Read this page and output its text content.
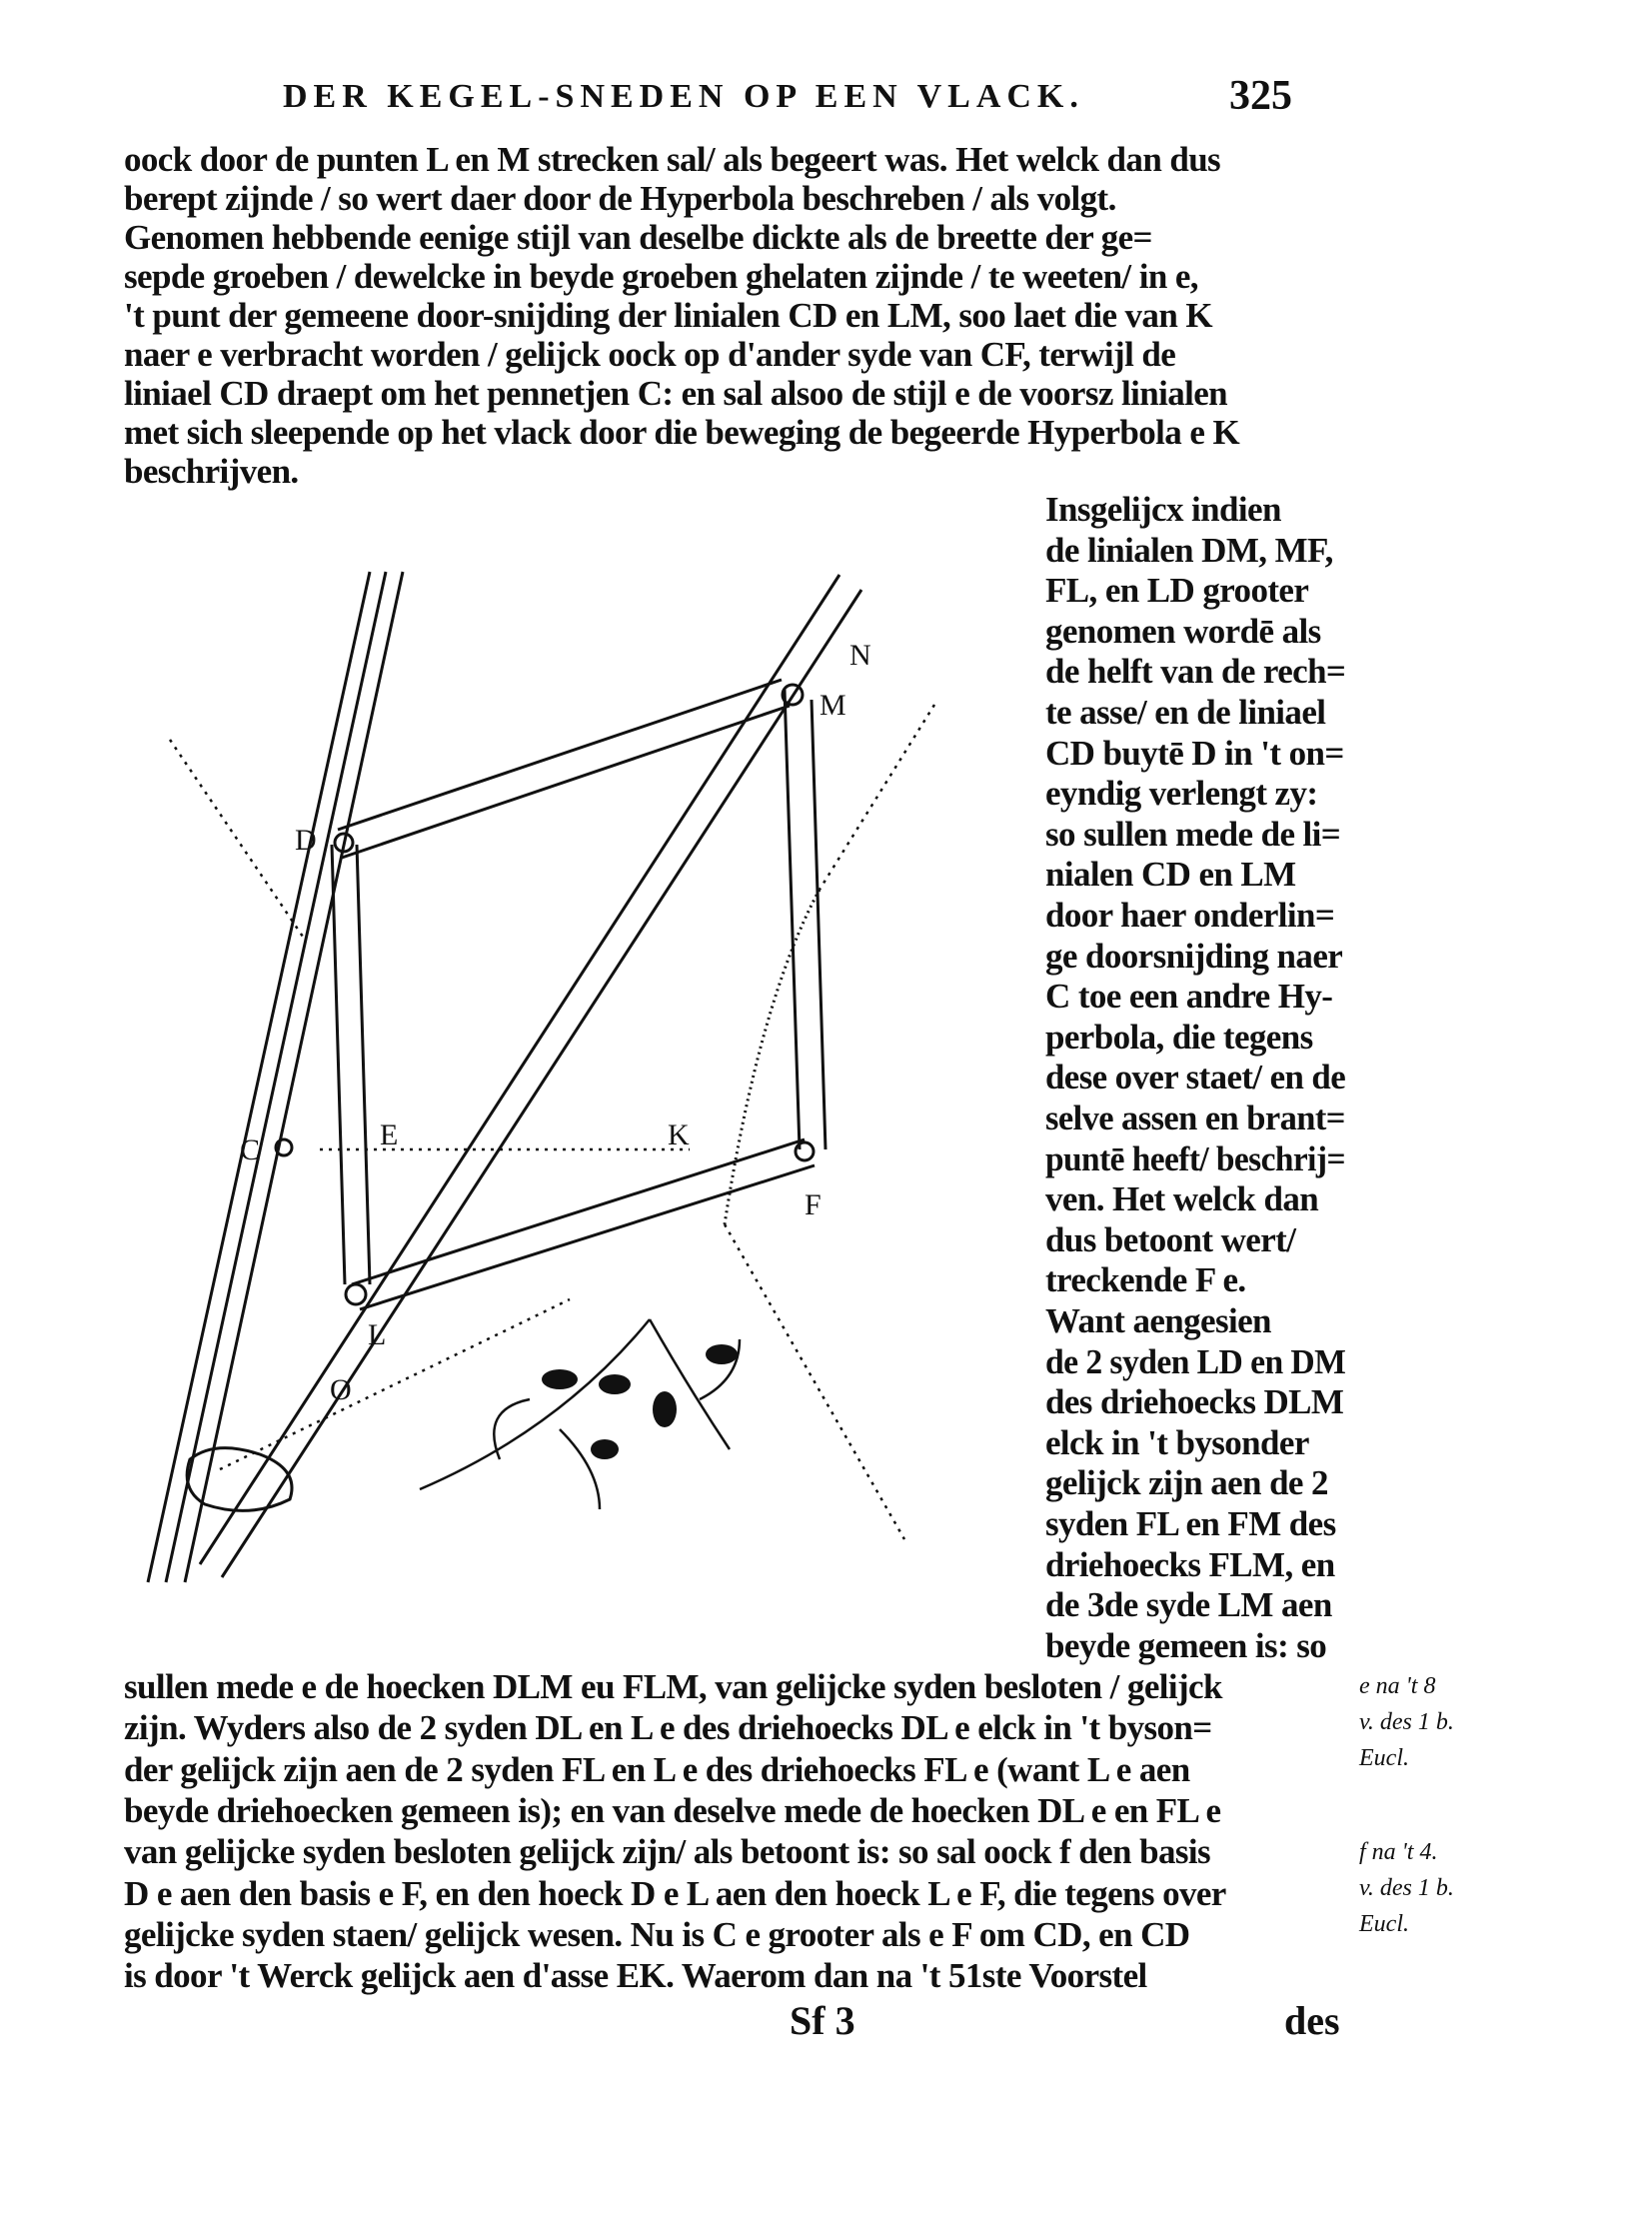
DER KEGEL-SNEDEN OP EEN VLACK.	325
oock door de punten L en M strecken sal/ als begeert was. Het welck dan dus
berept zijnde / so wert daer door de Hyperbola beschreben / als volgt.
Genomen hebbende eenige stijl van deselbe dickte als de breette der ge=
sepde groeben / dewelcke in beyde groeben ghelaten zijnde / te weeten/ in e,
't punt der gemeene door-snijding der linialen CD en LM, soo laet die van K
naer e verbracht worden / gelijck oock op d'ander syde van CF, terwijl de
liniael CD draept om het pennetjen C: en sal alsoo de stijl e de voorsz linialen
met sich sleepende op het vlack door die beweging de begeerde Hyperbola e K
beschrijven.
Insgelijcx indien
de linialen DM, MF,
FL, en LD grooter
genomen wordē als
de helft van de rech=
te asse/ en de liniael
CD buytē D in 't on=
eyndig verlengt zy:
so sullen mede de li=
nialen CD en LM
door haer onderlin=
ge doorsnijding naer
C toe een andre Hy-
perbola, die tegens
dese over staet/ en de
selve assen en brant=
puntē heeft/ beschrij=
ven. Het welck dan
dus betoont wert/
treckende F e.
Want aengesien
de 2 syden LD en DM
des driehoecks DLM
elck in 't bysonder
gelijck zijn aen de 2
syden FL en FM des
driehoecks FLM, en
de 3de syde LM aen
beyde gemeen is: so
sullen mede e de hoecken DLM eu FLM, van gelijcke syden besloten / gelijck
zijn. Wyders also de 2 syden DL en L e des driehoecks DL e elck in 't byson=
der gelijck zijn aen de 2 syden FL en L e des driehoecks FL e (want L e aen
beyde driehoecken gemeen is); en van deselve mede de hoecken DL e en FL e
van gelijcke syden besloten gelijck zijn/ als betoont is: so sal oock f den basis
D e aen den basis e F, en den hoeck D e L aen den hoeck L e F, die tegens over
gelijcke syden staen/ gelijck wesen. Nu is C e grooter als e F om CD, en CD
is door 't Werck gelijck aen d'asse EK. Waerom dan na 't 51ste Voorstel
e na 't 8
v. des 1 b.
Eucl.
f na 't 4.
v. des 1 b.
Eucl.
Sf 3	des
D
M
N
E	K
C
F
L
O
